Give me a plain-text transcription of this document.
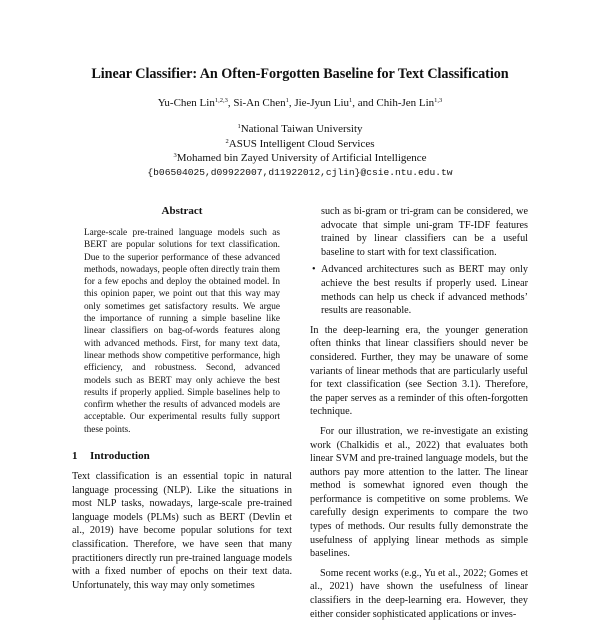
Linear Classifier: An Often-Forgotten Baseline for Text Classification
Yu-Chen Lin$^{1,2,3}$, Si-An Chen$^1$, Jie-Jyun Liu$^1$, and Chih-Jen Lin$^{1,3}$
$^1$National Taiwan University
$^2$ASUS Intelligent Cloud Services
$^3$Mohamed bin Zayed University of Artificial Intelligence
{b06504025,d09922007,d11922012,cjlin}@csie.ntu.edu.tw
Abstract

Large-scale pre-trained language models such as BERT are popular solutions for text classification. Due to the superior performance of these advanced methods, nowadays, people often directly train them for a few epochs and deploy the obtained model. In this opinion paper, we point out that this way may only sometimes get satisfactory results. We argue the importance of running a simple baseline like linear classifiers on bag-of-words features along with advanced methods. First, for many text data, linear methods show competitive performance, high efficiency, and robustness. Second, advanced models such as BERT may only achieve the best results if properly applied. Simple baselines help to confirm whether the results of advanced models are acceptable. Our experimental results fully support these points.

1 Introduction

Text classification is an essential topic in natural language processing (NLP). Like the situations in most NLP tasks, nowadays, large-scale pre-trained language models (PLMs) such as BERT (Devlin et al., 2019) have become popular solutions for text classification. Therefore, we have seen that many practitioners directly run pre-trained language models with a fixed number of epochs on their text data. Unfortunately, this way may only sometimes

such as bi-gram or tri-gram can be considered, we advocate that simple uni-gram TF-IDF features trained by linear classifiers can be a useful baseline to start with for text classification.

• Advanced architectures such as BERT may only achieve the best results if properly used. Linear methods can help us check if advanced methods’ results are reasonable.

In the deep-learning era, the younger generation often thinks that linear classifiers should never be considered. Further, they may be unaware of some variants of linear methods that are particularly useful for text classification (see Section 3.1). Therefore, the paper serves as a reminder of this often-forgotten technique.

For our illustration, we re-investigate an existing work (Chalkidis et al., 2022) that evaluates both linear SVM and pre-trained language models, but the authors pay more attention to the latter. The linear method is somewhat ignored even though the performance is competitive on some problems. We carefully design experiments to compare the two types of methods. Our results fully demonstrate the usefulness of applying linear methods as simple baselines.

Some recent works (e.g., Yu et al., 2022; Gomes et al., 2021) have shown the usefulness of linear classifiers in the deep-learning era. However, they either consider sophisticated applications or inves-
